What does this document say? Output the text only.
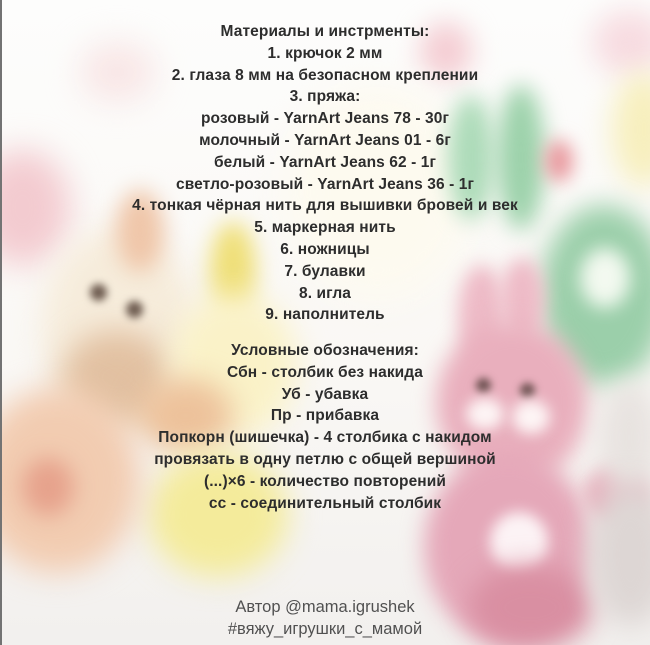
Материалы и инстрменты:
1. крючок 2 мм
2. глаза 8 мм на безопасном креплении
3. пряжа:
розовый - YarnArt Jeans 78 - 30г
молочный - YarnArt Jeans 01 - 6г
белый - YarnArt Jeans 62 - 1г
светло-розовый - YarnArt Jeans 36 - 1г
4. тонкая чёрная нить для вышивки бровей и век
5. маркерная нить
6. ножницы
7. булавки
8. игла
9. наполнитель
Условные обозначения:
Сбн - столбик без накида
Уб - убавка
Пр - прибавка
Попкорн (шишечка) - 4 столбика с накидом
провязать в одну петлю с общей вершиной
(...)×6 - количество повторений
сс - соединительный столбик
Автор @mama.igrushek
#вяжу_игрушки_с_мамой
